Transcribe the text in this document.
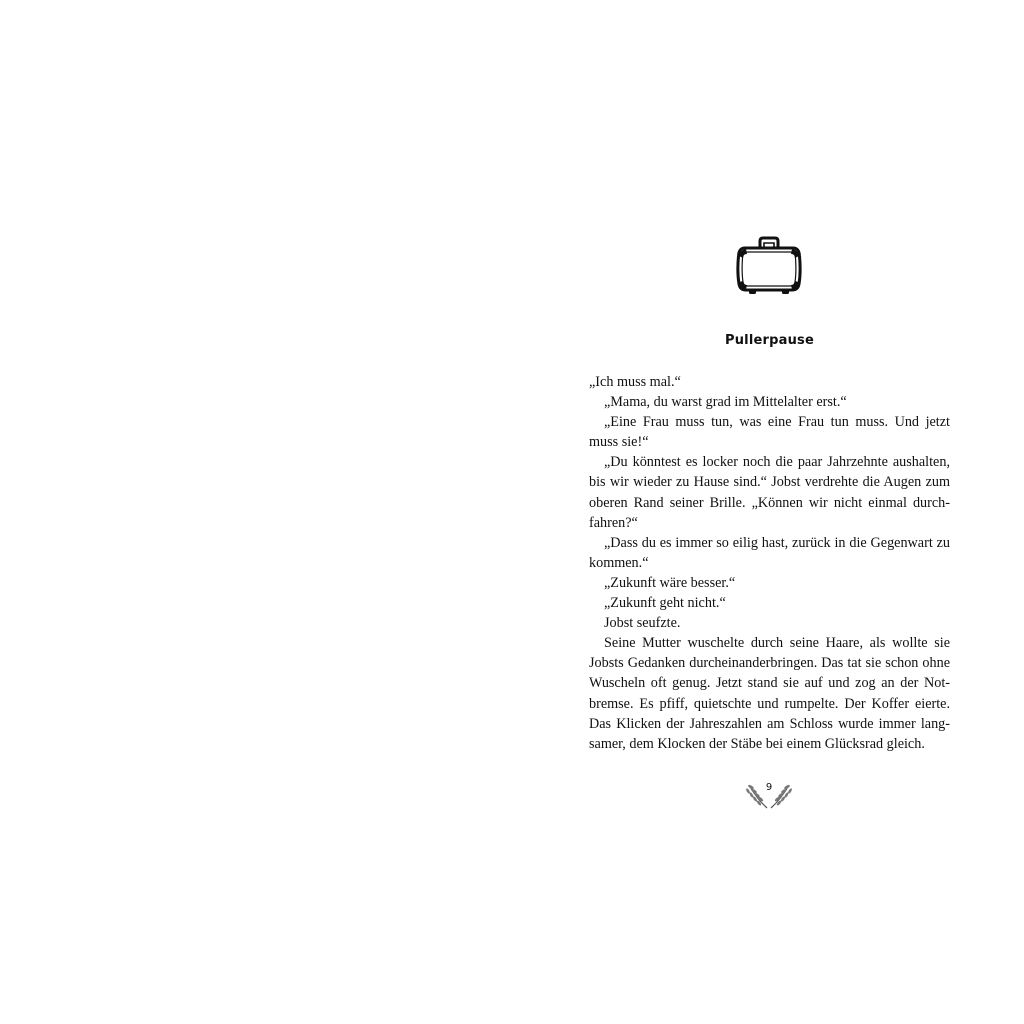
Pullerpause

„Ich muss mal.“

„Mama, du warst grad im Mittelalter erst.“

„Eine Frau muss tun, was eine Frau tun muss. Und jetzt muss sie!“

„Du könntest es locker noch die paar Jahrzehnte aushalten, bis wir wieder zu Hause sind.“ Jobst verdrehte die Augen zum oberen Rand seiner Brille. „Können wir nicht einmal durchfahren?“

„Dass du es immer so eilig hast, zurück in die Gegenwart zu kommen.“

„Zukunft wäre besser.“

„Zukunft geht nicht.“

Jobst seufzte.

Seine Mutter wuschelte durch seine Haare, als wollte sie Jobsts Gedanken durcheinanderbringen. Das tat sie schon ohne Wuscheln oft genug. Jetzt stand sie auf und zog an der Notbremse. Es pfiff, quietschte und rumpelte. Der Koffer eierte. Das Klicken der Jahreszahlen am Schloss wurde immer langsamer, dem Klocken der Stäbe bei einem Glücksrad gleich.

9
